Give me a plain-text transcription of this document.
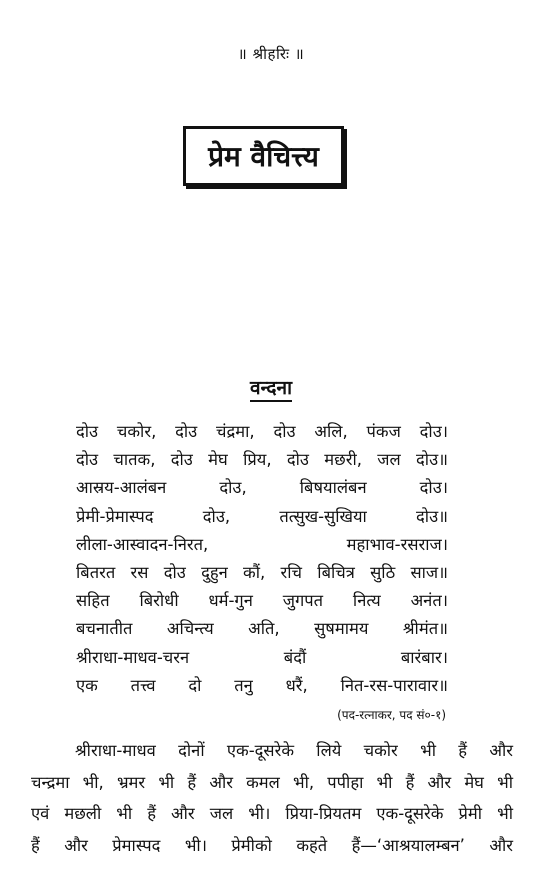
॥ श्रीहरिः ॥
प्रेम वैचित्त्य
वन्दना
दोउ चकोर, दोउ चंद्रमा, दोउ अलि, पंकज दोउ।
दोउ चातक, दोउ मेघ प्रिय, दोउ मछरी, जल दोउ॥
आस्रय-आलंबन दोउ, बिषयालंबन दोउ।
प्रेमी-प्रेमास्पद दोउ, तत्सुख-सुखिया दोउ॥
लीला-आस्वादन-निरत, महाभाव-रसराज।
बितरत रस दोउ दुहुन कौं, रचि बिचित्र सुठि साज॥
सहित बिरोधी धर्म-गुन जुगपत नित्य अनंत।
बचनातीत अचिन्त्य अति, सुषमामय श्रीमंत॥
श्रीराधा-माधव-चरन बंदौं बारंबार।
एक तत्त्व दो तनु धरैं, नित-रस-पारावार॥
(पद-रत्नाकर, पद सं०-१)
श्रीराधा-माधव दोनों एक-दूसरेके लिये चकोर भी हैं और
चन्द्रमा भी, भ्रमर भी हैं और कमल भी, पपीहा भी हैं और मेघ भी
एवं मछली भी हैं और जल भी। प्रिया-प्रियतम एक-दूसरेके प्रेमी भी
हैं और प्रेमास्पद भी। प्रेमीको कहते हैं—‘आश्रयालम्बन’ और
